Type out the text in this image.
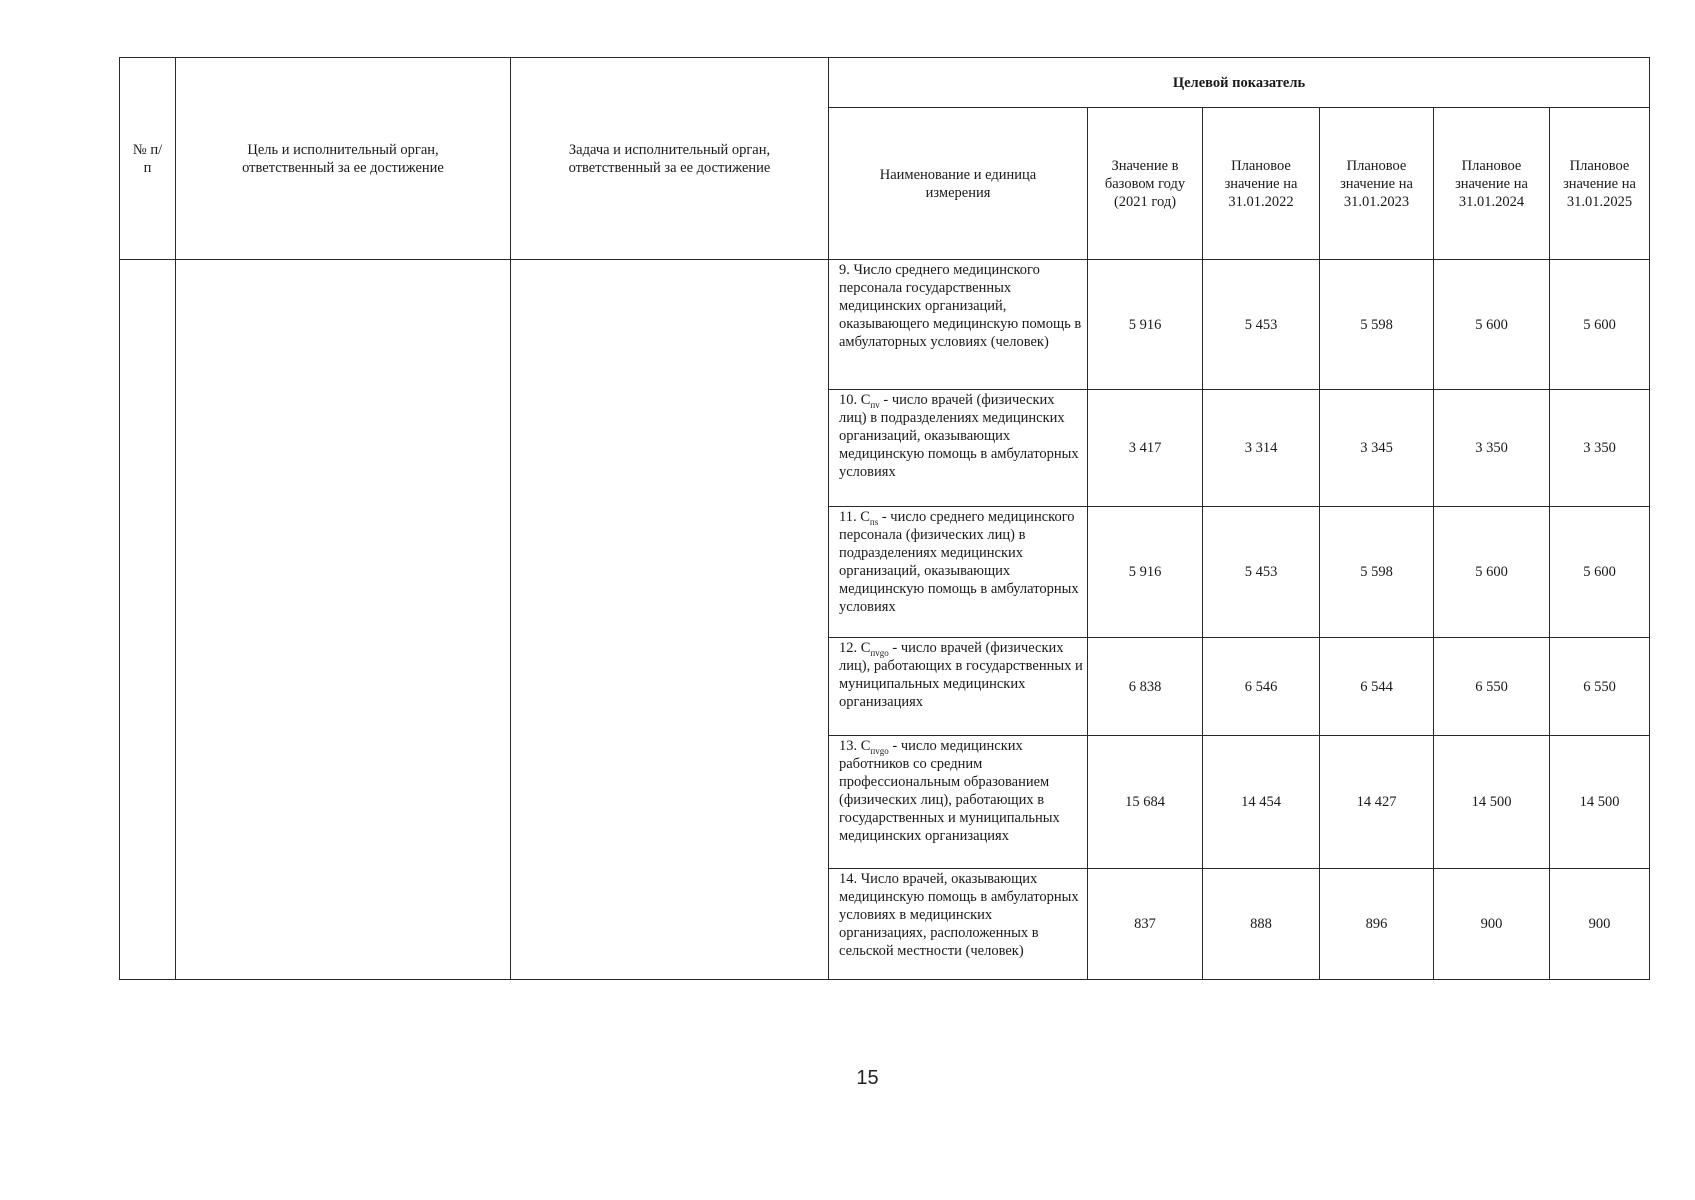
№ п/п	Цель и исполнительный орган, ответственный за ее достижение	Задача и исполнительный орган, ответственный за ее достижение	Целевой показатель					

			Наименование и единица измерения	Значение в базовом году (2021 год)	Плановое значение на 31.01.2022	Плановое значение на 31.01.2023	Плановое значение на 31.01.2024	Плановое значение на 31.01.2025

			9. Число среднего медицинского персонала государственных медицинских организаций, оказывающего медицинскую помощь в амбулаторных условиях (человек)	5 916	5 453	5 598	5 600	5 600
			10. $С_{пv}$ - число врачей (физических лиц) в подразделениях медицинских организаций, оказывающих медицинскую помощь в амбулаторных условиях	3 417	3 314	3 345	3 350	3 350
			11. $С_{пs}$ - число среднего медицинского персонала (физических лиц) в подразделениях медицинских организаций, оказывающих медицинскую помощь в амбулаторных условиях	5 916	5 453	5 598	5 600	5 600
			12. $С_{пvgo}$ - число врачей (физических лиц), работающих в государственных и муниципальных медицинских организациях	6 838	6 546	6 544	6 550	6 550
			13. $С_{пvgo}$ - число медицинских работников со средним профессиональным образованием (физических лиц), работающих в государственных и муниципальных медицинских организациях	15 684	14 454	14 427	14 500	14 500
			14. Число врачей, оказывающих медицинскую помощь в амбулаторных условиях в медицинских организациях, расположенных в сельской местности (человек)	837	888	896	900	900
15
